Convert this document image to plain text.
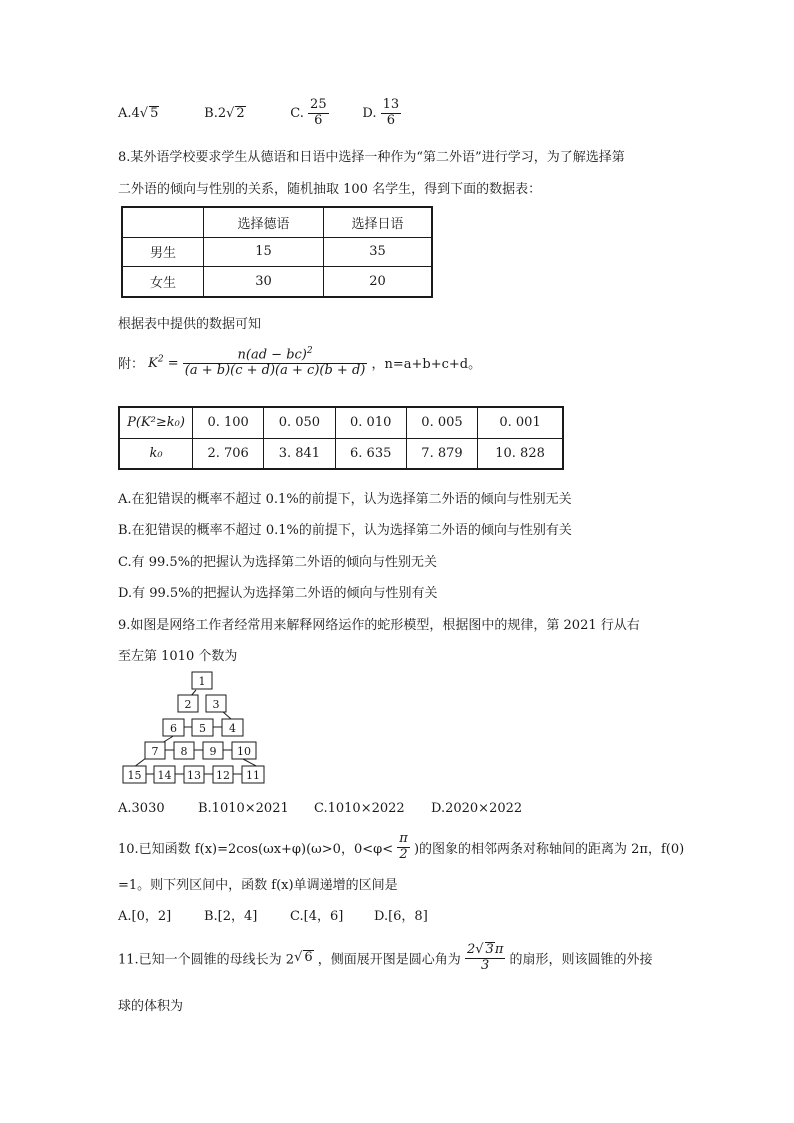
A.4√ 5	B.2√ 2	C. $\frac{25}{6}$	D. $\frac{13}{6}$
8.某外语学校要求学生从德语和日语中选择一种作为“第二外语”进行学习，为了解选择第
二外语的倾向与性别的关系，随机抽取 100 名学生，得到下面的数据表：
	选择德语	选择日语
男生	15	35
女生	30	20
根据表中提供的数据可知
附： $K^2 = \frac{n(ad - bc)^2}{(a + b)(c + d)(a + c)(b + d)}$ ，n=a+b+c+d。
P(K²≥k₀)	0. 100	0. 050	0. 010	0. 005	0. 001
k₀	2. 706	3. 841	6. 635	7. 879	10. 828
A.在犯错误的概率不超过 0.1%的前提下，认为选择第二外语的倾向与性别无关
B.在犯错误的概率不超过 0.1%的前提下，认为选择第二外语的倾向与性别有关
C.有 99.5%的把握认为选择第二外语的倾向与性别无关
D.有 99.5%的把握认为选择第二外语的倾向与性别有关
9.如图是网络工作者经常用来解释网络运作的蛇形模型，根据图中的规律，第 2021 行从右
至左第 1010 个数为
1
2 3
6 5 4
7 8 9 10
15 14 13 12 11
A.3030	B.1010×2021 C.1010×2022 D.2020×2022
10.已知函数 f(x)=2cos(ωx+φ)(ω>0，$0<\varphi< \frac{\pi}{2}$ )的图象的相邻两条对称轴间的距离为 2π，f(0)
=1。则下列区间中，函数 f(x)单调递增的区间是
A.[0，2]	B.[2，4]	C.[4，6] D.[6，8]
11.已知一个圆锥的母线长为 2√ 6 ，侧面展开图是圆心角为 $\frac{2√ 3\pi}{3}$ 的扇形，则该圆锥的外接
球的体积为
